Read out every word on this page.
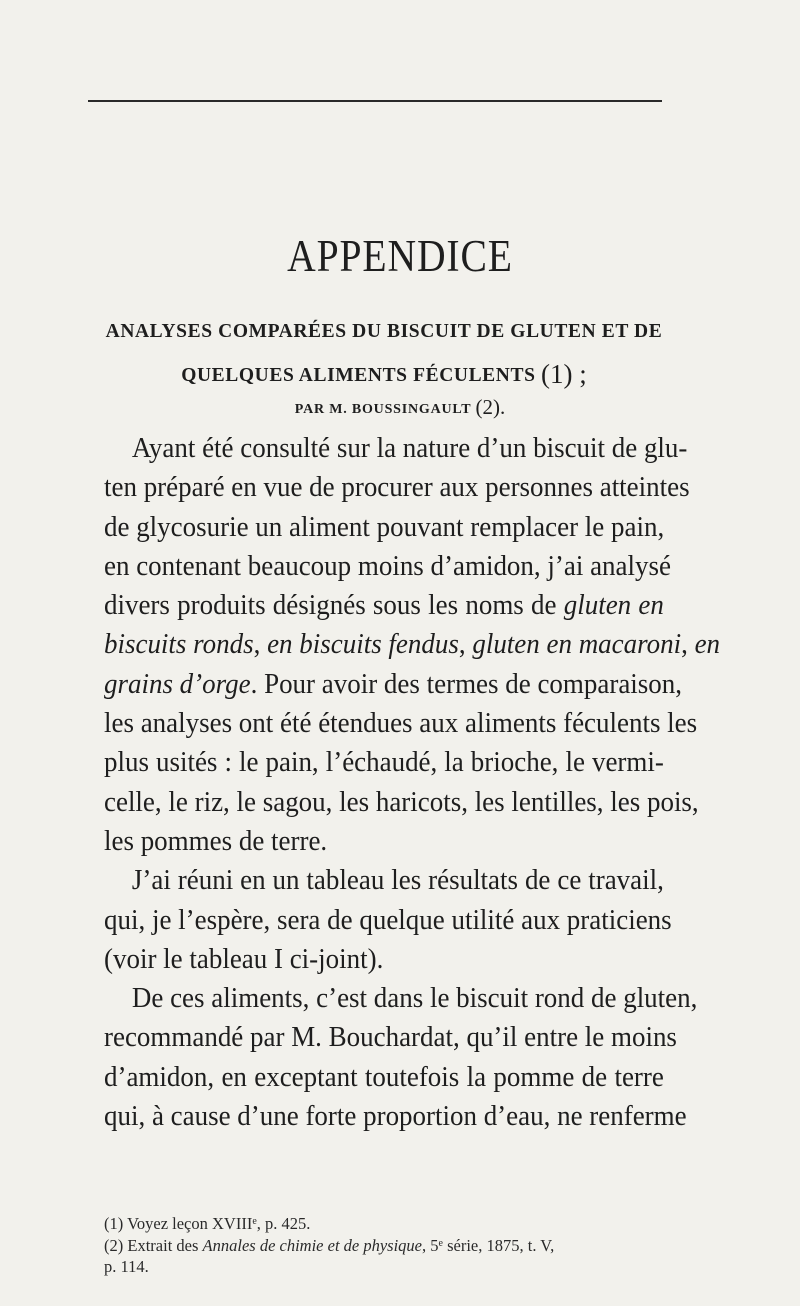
APPENDICE
ANALYSES COMPARÉES DU BISCUIT DE GLUTEN ET DE
QUELQUES ALIMENTS FÉCULENTS (1) ;
PAR M. BOUSSINGAULT (2).
Ayant été consulté sur la nature d’un biscuit de glu-
ten préparé en vue de procurer aux personnes atteintes
de glycosurie un aliment pouvant remplacer le pain,
en contenant beaucoup moins d’amidon, j’ai analysé
divers produits désignés sous les noms de gluten en
biscuits ronds, en biscuits fendus, gluten en macaroni, en
grains d’orge. Pour avoir des termes de comparaison,
les analyses ont été étendues aux aliments féculents les
plus usités : le pain, l’échaudé, la brioche, le vermi-
celle, le riz, le sagou, les haricots, les lentilles, les pois,
les pommes de terre.
J’ai réuni en un tableau les résultats de ce travail,
qui, je l’espère, sera de quelque utilité aux praticiens
(voir le tableau I ci-joint).
De ces aliments, c’est dans le biscuit rond de gluten,
recommandé par M. Bouchardat, qu’il entre le moins
d’amidon, en exceptant toutefois la pomme de terre
qui, à cause d’une forte proportion d’eau, ne renferme
(1) Voyez leçon XVIIIe, p. 425.
(2) Extrait des Annales de chimie et de physique, 5e série, 1875, t. V,
p. 114.
